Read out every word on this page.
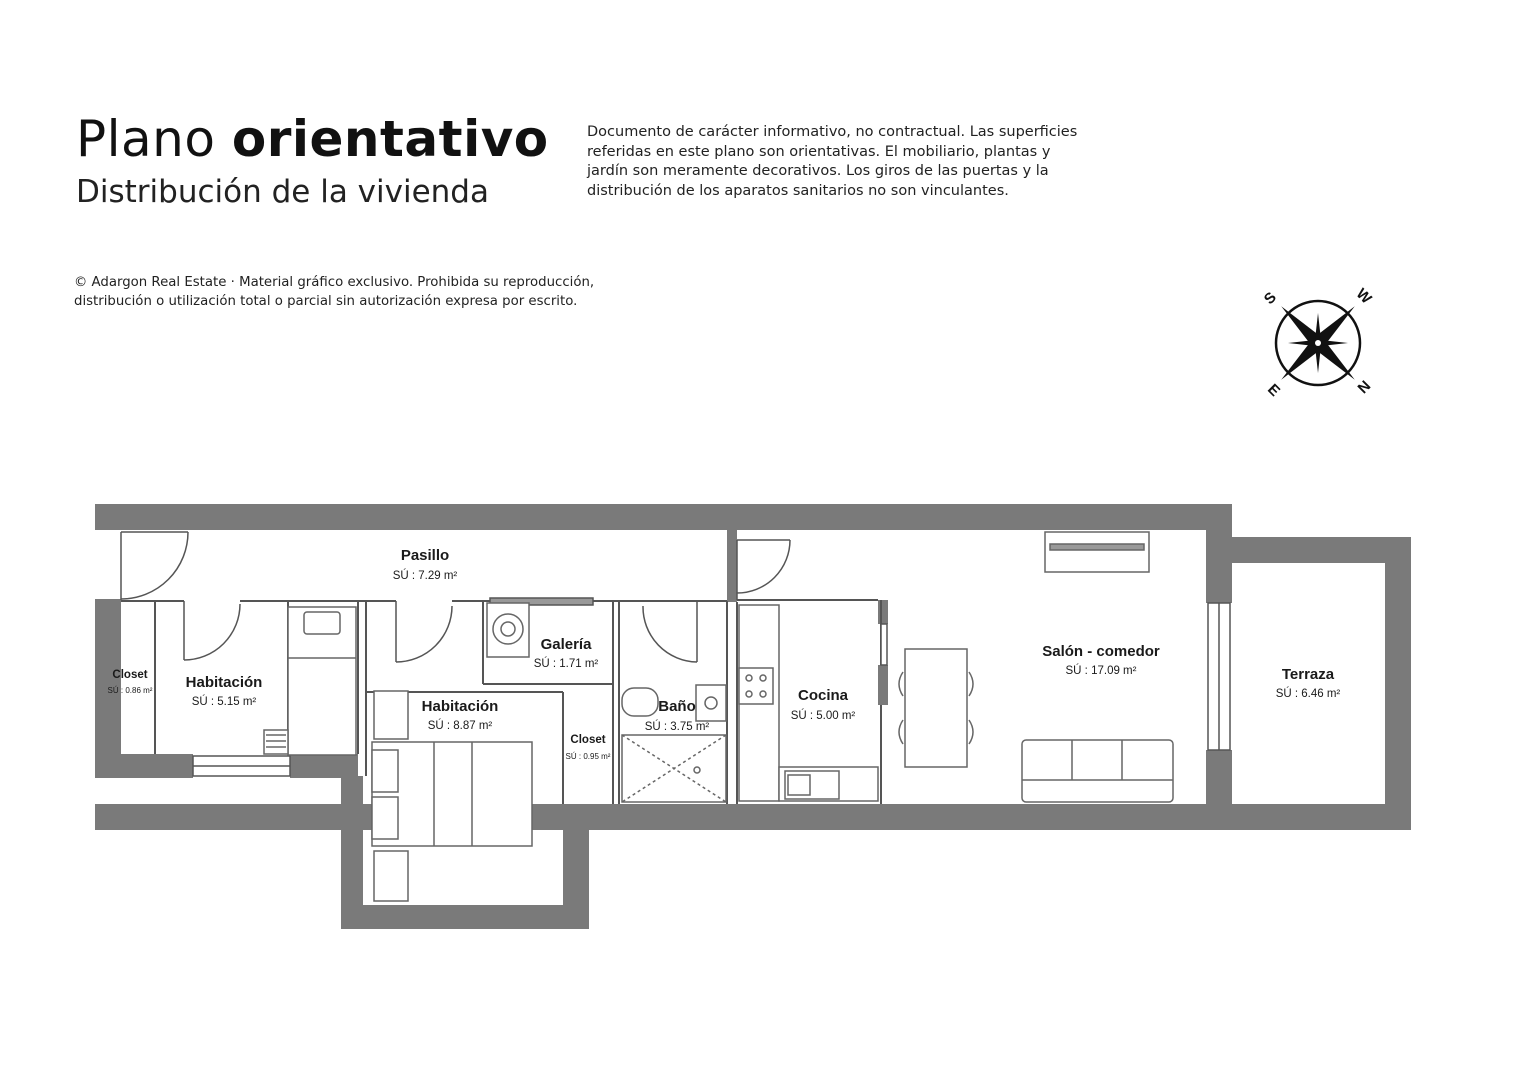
Plano orientativo
Distribución de la vivienda

Documento de carácter informativo, no contractual. Las superficies referidas en este plano son orientativas. El mobiliario, plantas y jardín son meramente decorativos. Los giros de las puertas y la distribución de los aparatos sanitarios no son vinculantes.

© Adargon Real Estate · Material gráfico exclusivo. Prohibida su reproducción, distribución o utilización total o parcial sin autorización expresa por escrito.	S	W
E	N
Pasillo
SÚ : 7.29 m²
Closet
SÚ : 0.86 m² Habitación
SÚ : 5.15 m²
Galería
SÚ : 1.71 m²
Habitación
SÚ : 8.87 m²
Closet
SÚ : 0.95 m²
Baño
SÚ : 3.75 m²
Cocina
SÚ : 5.00 m²
Salón - comedor
SÚ : 17.09 m²	Terraza
SÚ : 6.46 m²
